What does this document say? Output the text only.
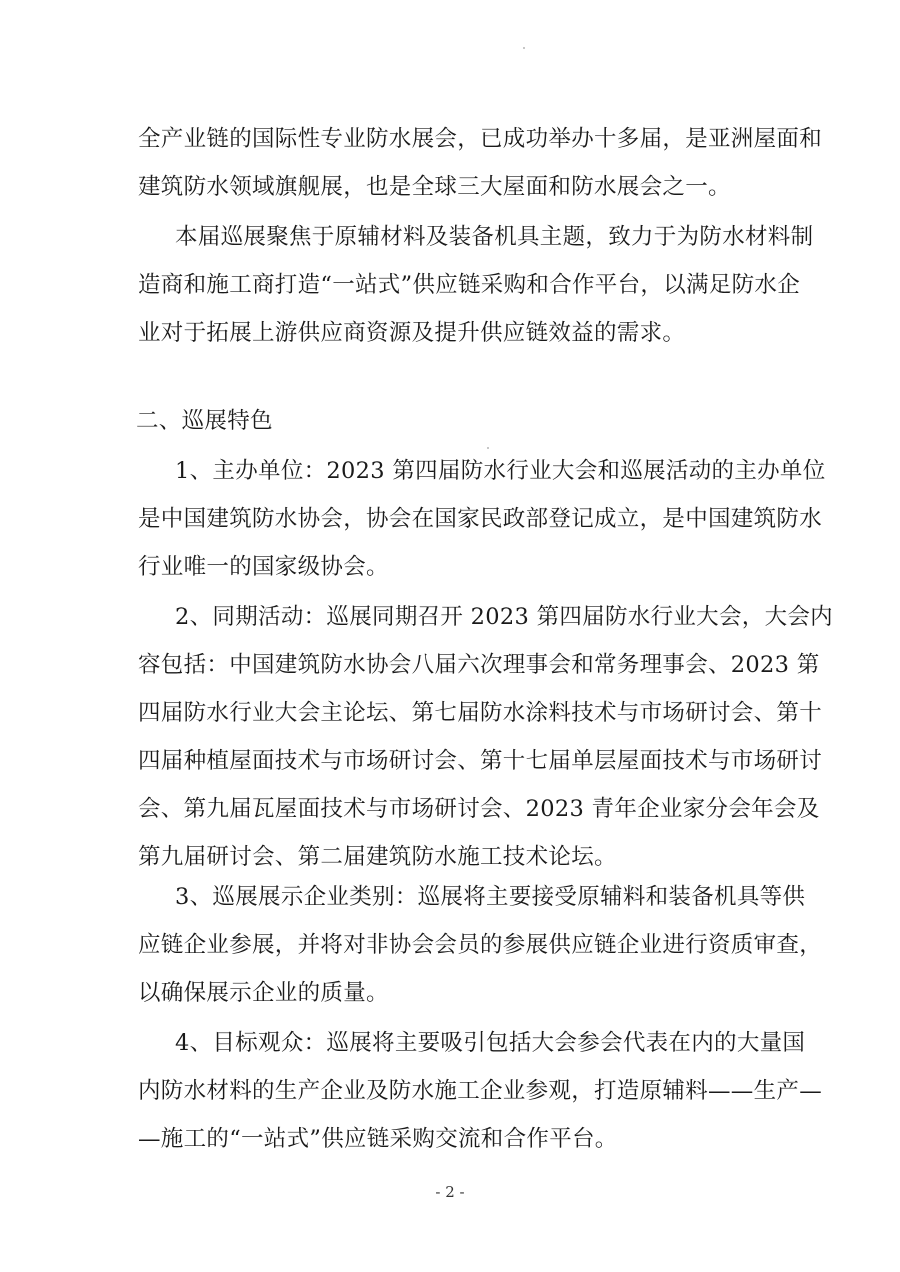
全产业链的国际性专业防水展会，已成功举办十多届，是亚洲屋面和

建筑防水领域旗舰展，也是全球三大屋面和防水展会之一。

本届巡展聚焦于原辅材料及装备机具主题，致力于为防水材料制

造商和施工商打造“一站式”供应链采购和合作平台，以满足防水企

业对于拓展上游供应商资源及提升供应链效益的需求。

二、巡展特色

1、主办单位：2023 第四届防水行业大会和巡展活动的主办单位

是中国建筑防水协会，协会在国家民政部登记成立，是中国建筑防水

行业唯一的国家级协会。

2、同期活动：巡展同期召开 2023 第四届防水行业大会，大会内

容包括：中国建筑防水协会八届六次理事会和常务理事会、2023 第

四届防水行业大会主论坛、第七届防水涂料技术与市场研讨会、第十

四届种植屋面技术与市场研讨会、第十七届单层屋面技术与市场研讨

会、第九届瓦屋面技术与市场研讨会、2023 青年企业家分会年会及

第九届研讨会、第二届建筑防水施工技术论坛。

3、巡展展示企业类别：巡展将主要接受原辅料和装备机具等供

应链企业参展，并将对非协会会员的参展供应链企业进行资质审查，

以确保展示企业的质量。

4、目标观众：巡展将主要吸引包括大会参会代表在内的大量国

内防水材料的生产企业及防水施工企业参观，打造原辅料——生产—

—施工的“一站式”供应链采购交流和合作平台。

- 2 -
